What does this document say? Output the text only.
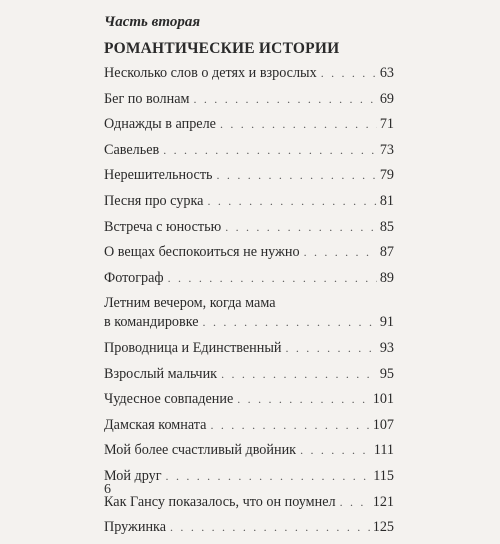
Часть вторая
РОМАНТИЧЕСКИЕ ИСТОРИИ
Несколько слов о детях и взрослых . . .	63
Бег по волнам . . .	69
Однажды в апреле . . .	71
Савельев . . .	73
Нерешительность . . .	79
Песня про сурка . . .	81
Встреча с юностью . . .	85
О вещах беспокоиться не нужно . . .	87
Фотограф . . .	89
Летним вечером, когда мама
в командировке . . .	91
Проводница и Единственный . . .	93
Взрослый мальчик . . .	95
Чудесное совпадение . . .	101
Дамская комната . . .	107
Мой более счастливый двойник . . .	111
Мой друг . . .	115
Как Гансу показалось, что он поумнел . . .	121
Пружинка . . .	125
6
